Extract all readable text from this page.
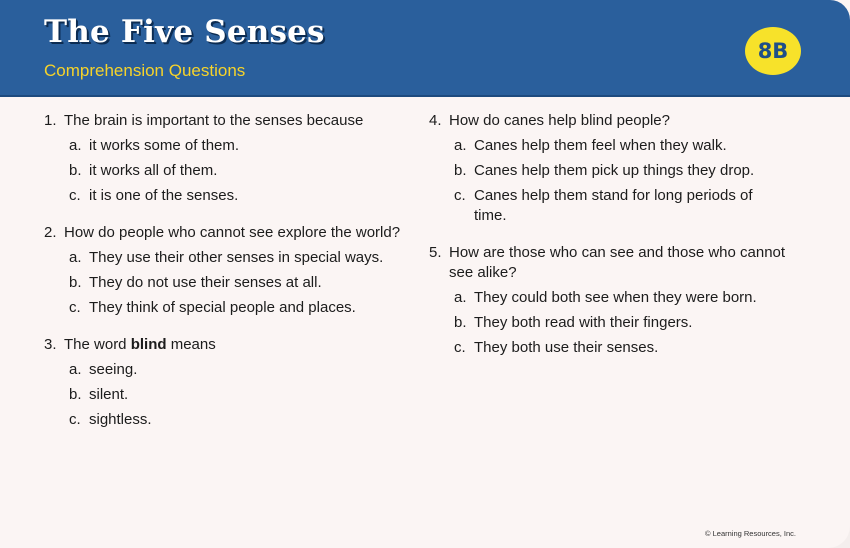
The Five Senses
Comprehension Questions
8B
1. The brain is important to the senses because
a. it works some of them.
b. it works all of them.
c. it is one of the senses.
2. How do people who cannot see explore the world?
a. They use their other senses in special ways.
b. They do not use their senses at all.
c. They think of special people and places.
3. The word blind means
a. seeing.
b. silent.
c. sightless.
4. How do canes help blind people?
a. Canes help them feel when they walk.
b. Canes help them pick up things they drop.
c. Canes help them stand for long periods of time.
5. How are those who can see and those who cannot see alike?
a. They could both see when they were born.
b. They both read with their fingers.
c. They both use their senses.
© Learning Resources, Inc.
